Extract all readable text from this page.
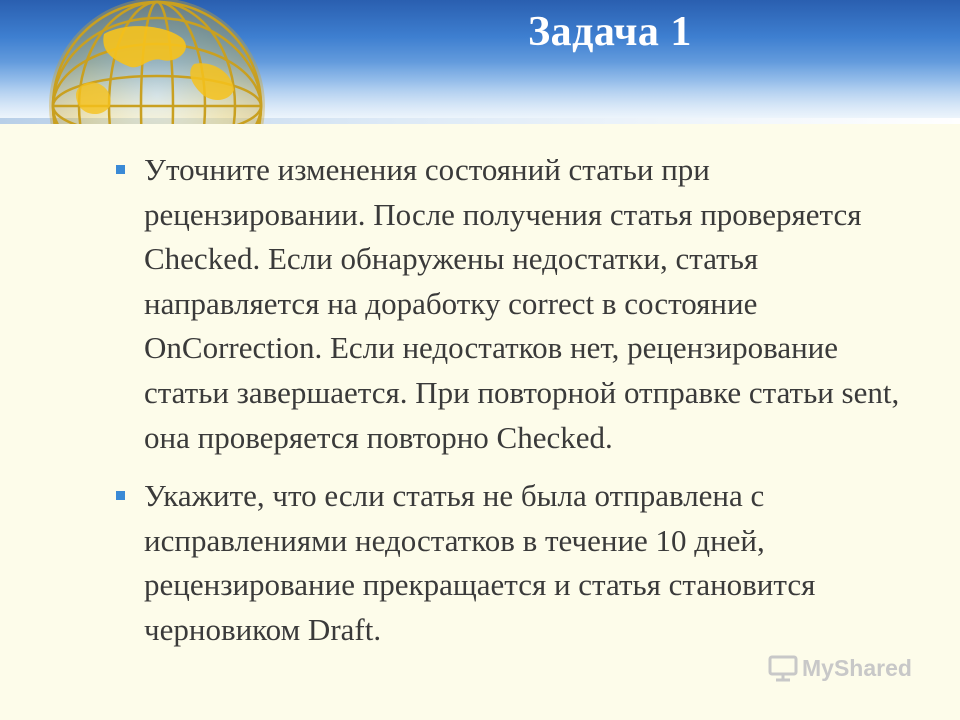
Задача 1
Уточните изменения состояний статьи при рецензировании. После получения статья проверяется Checked. Если обнаружены недостатки, статья направляется на доработку correct в состояние OnCorrection. Если недостатков нет, рецензирование статьи завершается. При повторной отправке статьи sent, она проверяется повторно Checked.
Укажите, что если статья не была отправлена с исправлениями недостатков в течение 10 дней, рецензирование прекращается и статья становится черновиком Draft.
MyShared
